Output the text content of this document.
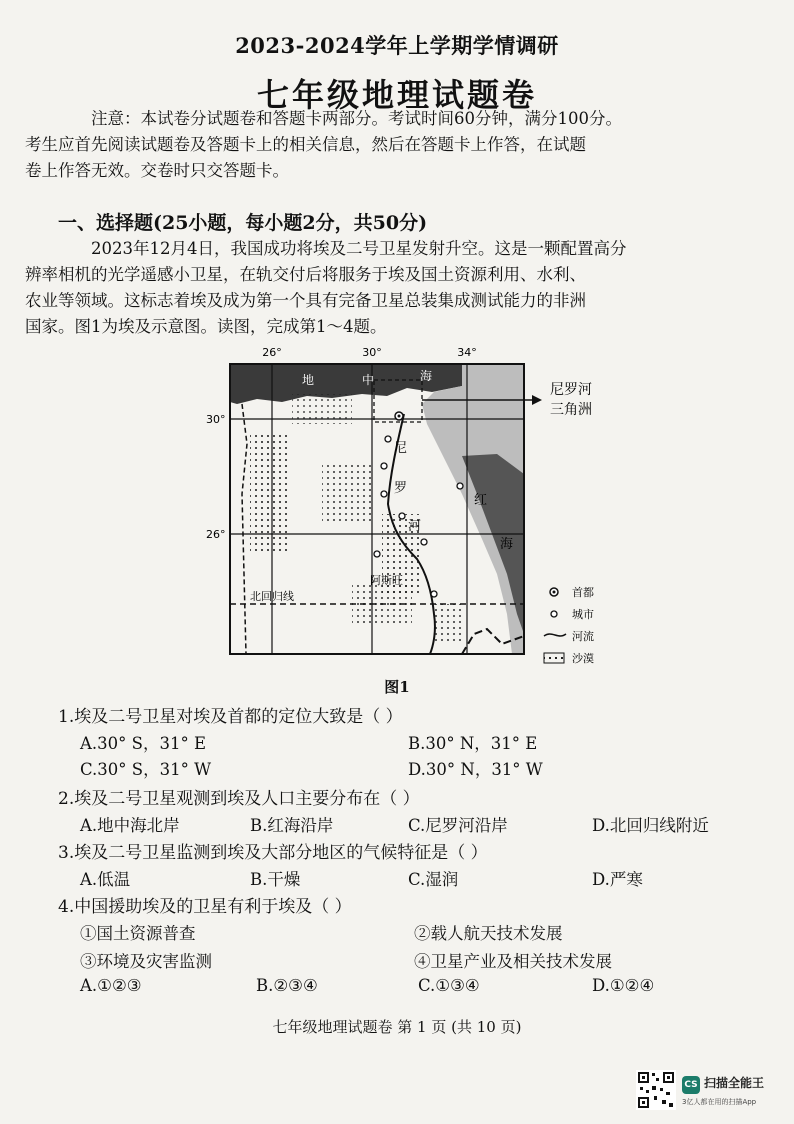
2023-2024学年上学期学情调研
七年级地理试题卷
注意：本试卷分试题卷和答题卡两部分。考试时间60分钟，满分100分。
考生应首先阅读试题卷及答题卡上的相关信息，然后在答题卡上作答，在试题
卷上作答无效。交卷时只交答题卡。
一、选择题(25小题，每小题2分，共50分)
2023年12月4日，我国成功将埃及二号卫星发射升空。这是一颗配置高分
辨率相机的光学遥感小卫星，在轨交付后将服务于埃及国土资源利用、水利、
农业等领域。这标志着埃及成为第一个具有完备卫星总装集成测试能力的非洲
国家。图1为埃及示意图。读图，完成第1～4题。
26°	30°	34°
30°
26°
地	中	海
红
海
尼
罗
河
阿斯旺
北回归线
尼罗河
三角洲
首都
城市
河流
沙漠
图1
1.埃及二号卫星对埃及首都的定位大致是（ ）
A.30° S，31° E	B.30° N，31° E
C.30° S，31° W	D.30° N，31° W
2.埃及二号卫星观测到埃及人口主要分布在（ ）
A.地中海北岸	B.红海沿岸	C.尼罗河沿岸	D.北回归线附近
3.埃及二号卫星监测到埃及大部分地区的气候特征是（ ）
A.低温	B.干燥	C.湿润	D.严寒
4.中国援助埃及的卫星有利于埃及（ ）
①国土资源普查	②载人航天技术发展
③环境及灾害监测	④卫星产业及相关技术发展
A.①②③	B.②③④	C.①③④	D.①②④
七年级地理试题卷 第 1 页 (共 10 页)
CS 扫描全能王
3亿人都在用的扫描App
